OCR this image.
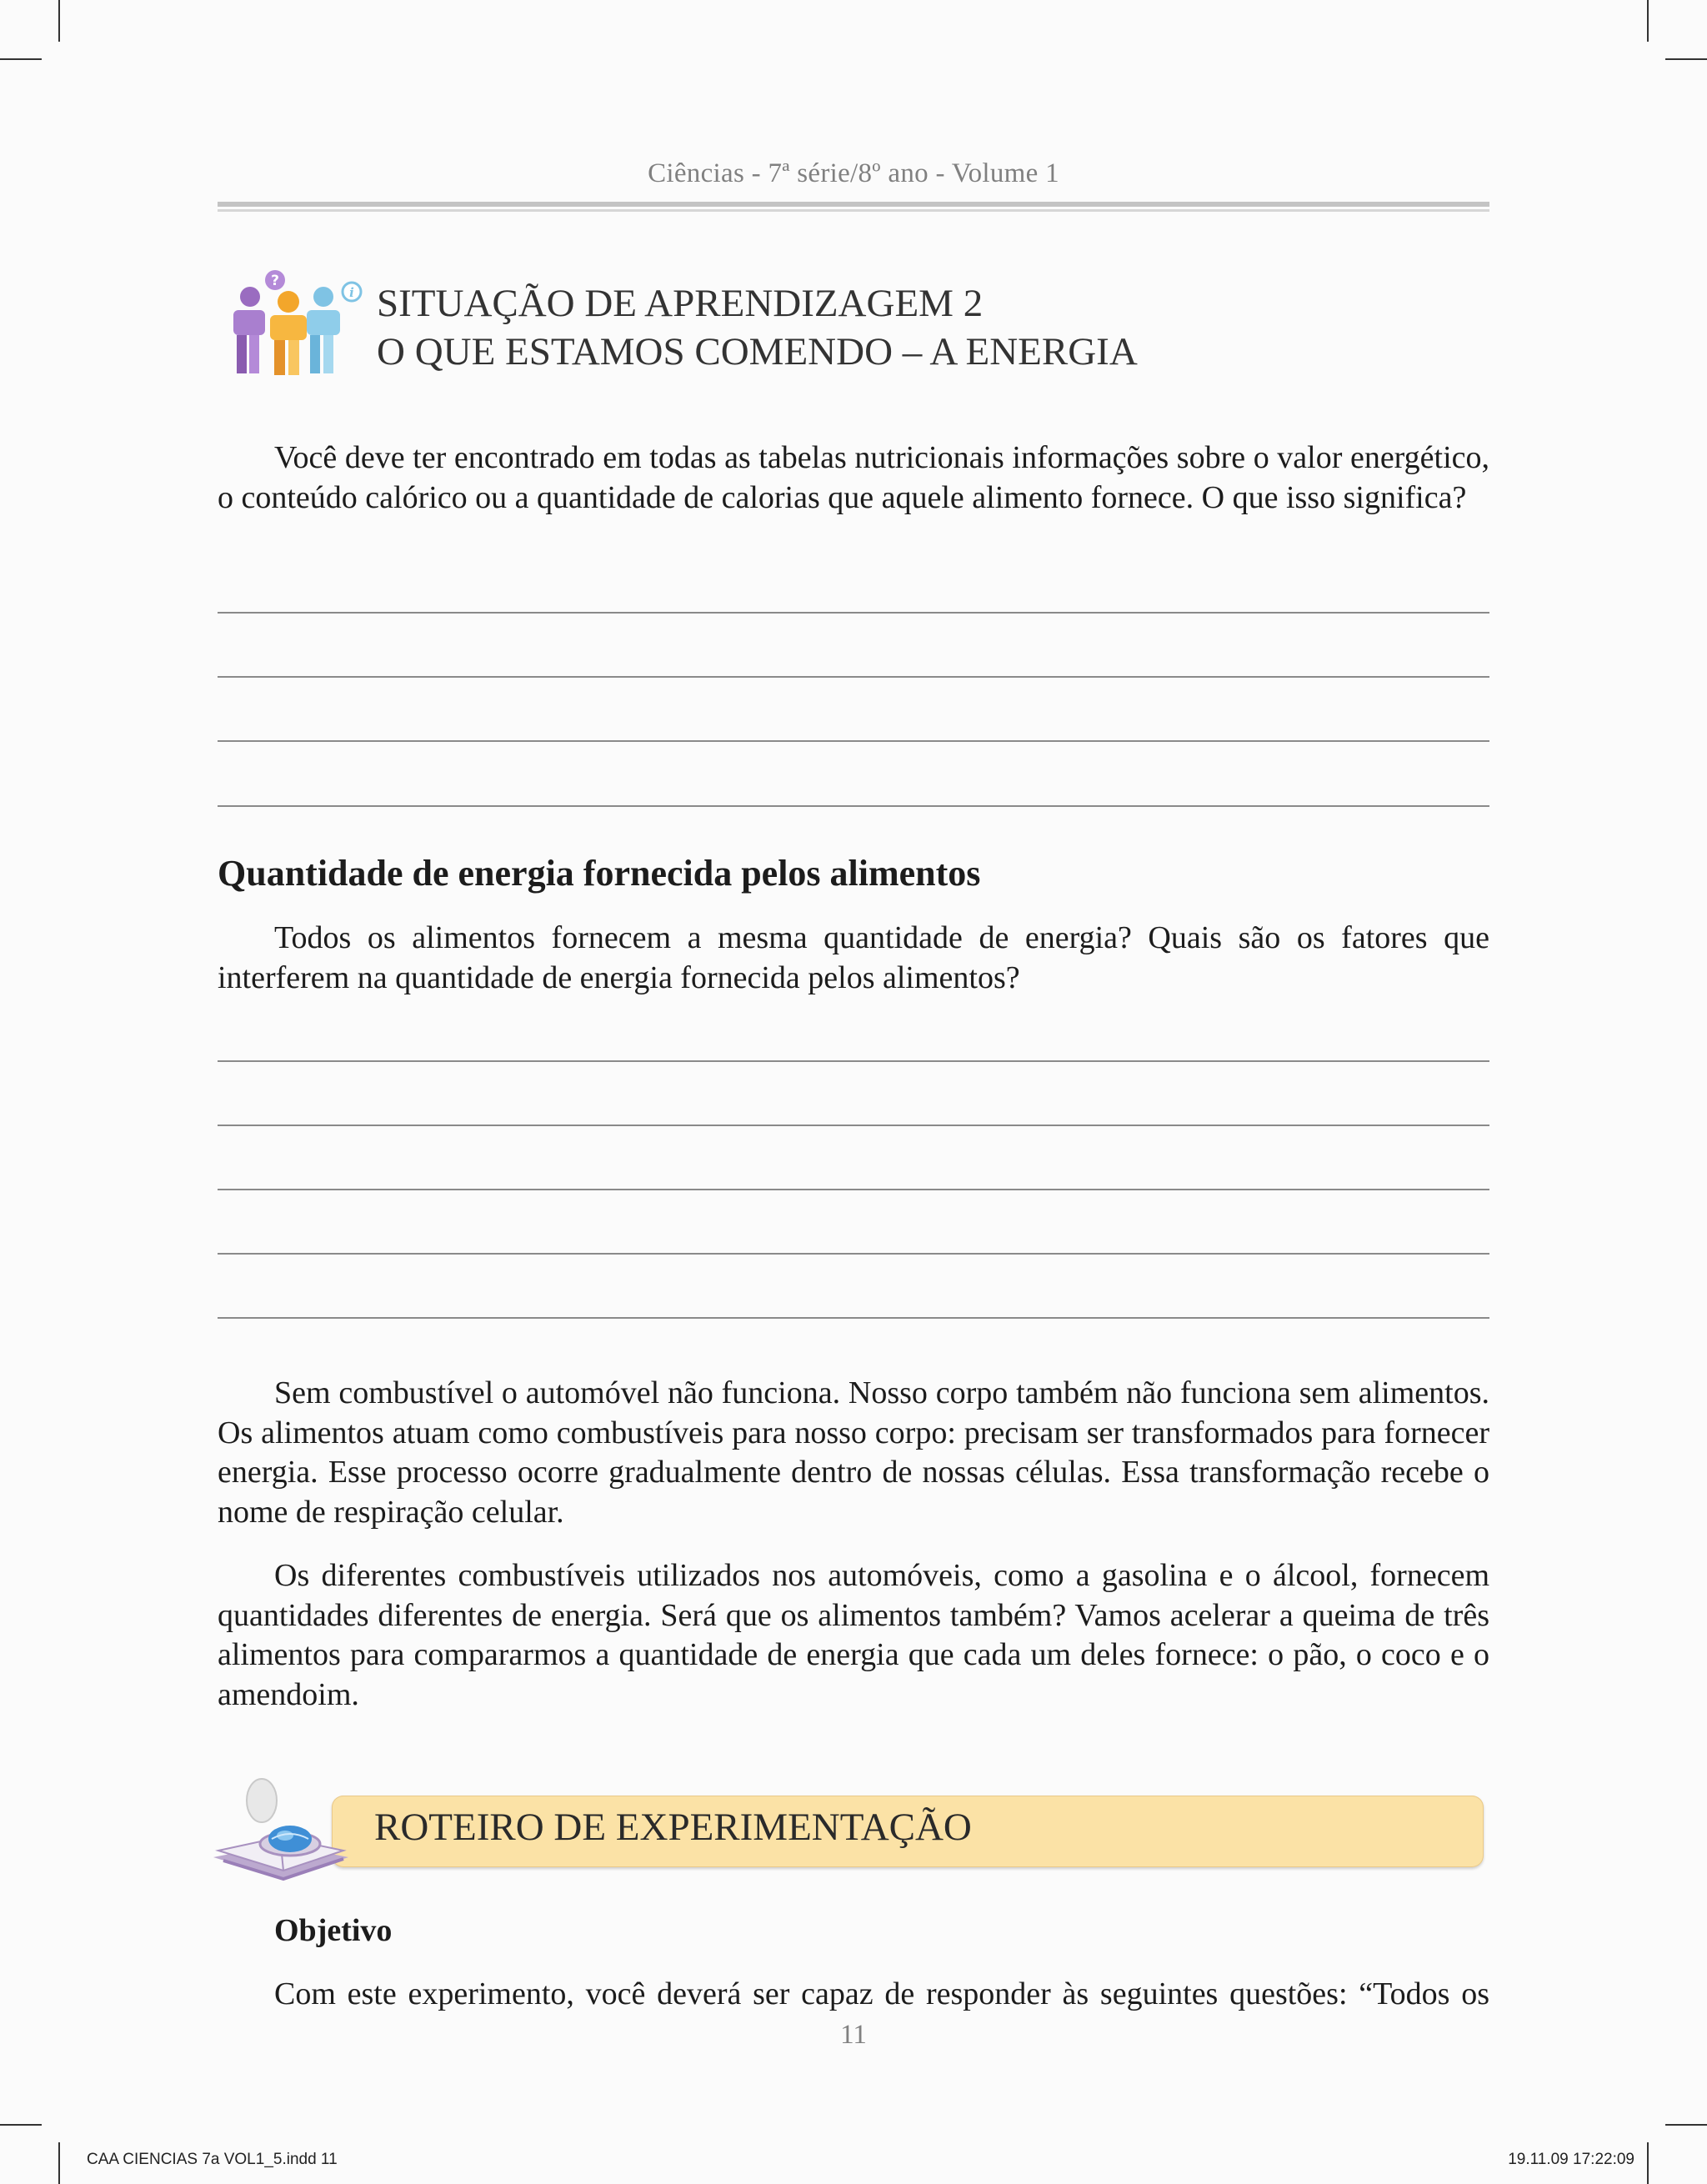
Ciências - 7ª série/8º ano - Volume 1
?
i SITUAÇÃO DE APRENDIZAGEM 2
O QUE ESTAMOS COMENDO – A ENERGIA
Você deve ter encontrado em todas as tabelas nutricionais informações sobre o valor energético, o conteúdo calórico ou a quantidade de calorias que aquele alimento fornece. O que isso significa?
Quantidade de energia fornecida pelos alimentos
Todos os alimentos fornecem a mesma quantidade de energia? Quais são os fatores que interferem na quantidade de energia fornecida pelos alimentos?
Sem combustível o automóvel não funciona. Nosso corpo também não funciona sem alimentos. Os alimentos atuam como combustíveis para nosso corpo: precisam ser transformados para fornecer energia. Esse processo ocorre gradualmente dentro de nossas células. Essa transformação recebe o nome de respiração celular.
Os diferentes combustíveis utilizados nos automóveis, como a gasolina e o álcool, fornecem quantidades diferentes de energia. Será que os alimentos também? Vamos acelerar a queima de três alimentos para compararmos a quantidade de energia que cada um deles fornece: o pão, o coco e o amendoim.
ROTEIRO DE EXPERIMENTAÇÃO
Objetivo
Com este experimento, você deverá ser capaz de responder às seguintes questões: “Todos os
11
CAA CIENCIAS 7a VOL1_5.indd 11	19.11.09 17:22:09
